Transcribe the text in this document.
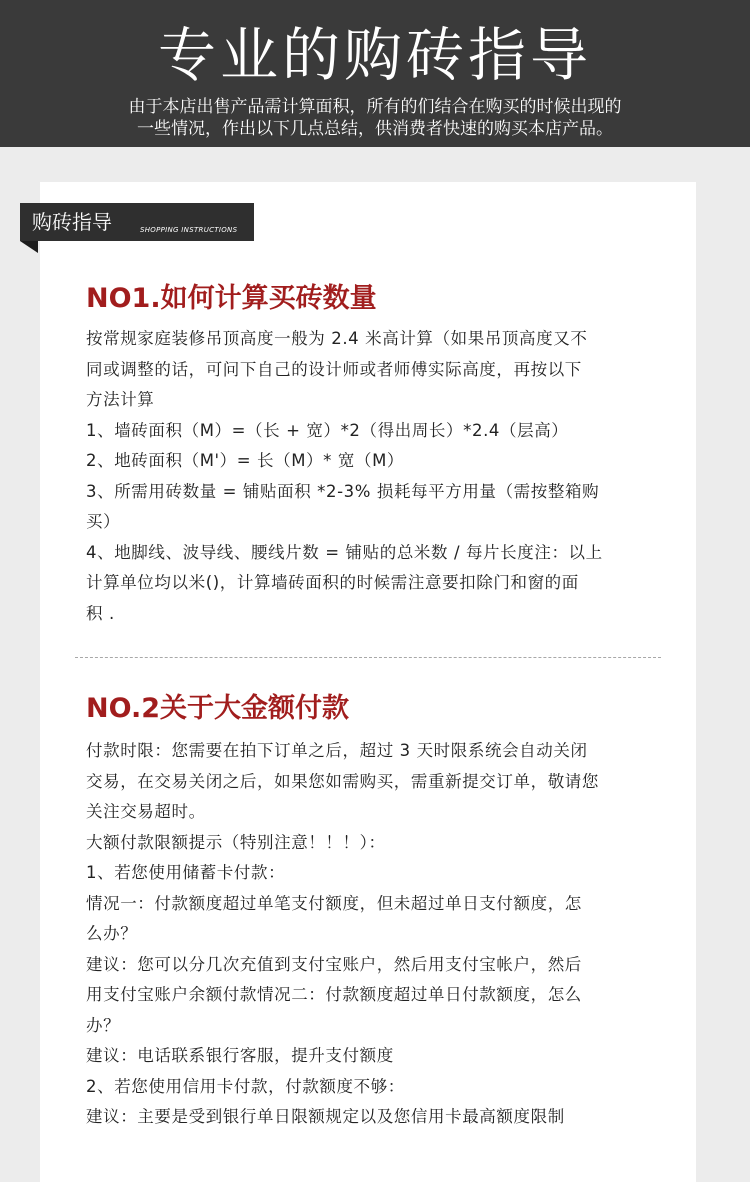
专业的购砖指导
由于本店出售产品需计算面积，所有的们结合在购买的时候出现的
一些情况，作出以下几点总结，供消费者快速的购买本店产品。
购砖指导	SHOPPING INSTRUCTIONS
NO1.如何计算买砖数量
按常规家庭装修吊顶高度一般为 2.4 米高计算（如果吊顶高度又不
同或调整的话，可问下自己的设计师或者师傅实际高度，再按以下
方法计算
1、墙砖面积（M）=（长 + 宽）*2（得出周长）*2.4（层高）
2、地砖面积（M'）= 长（M）* 宽（M）
3、所需用砖数量 = 铺贴面积 *2-3% 损耗每平方用量（需按整箱购
买）
4、地脚线、波导线、腰线片数 = 铺贴的总米数 / 每片长度注：以上
计算单位均以米()，计算墙砖面积的时候需注意要扣除门和窗的面
积 .
NO.2关于大金额付款
付款时限：您需要在拍下订单之后，超过 3 天时限系统会自动关闭
交易，在交易关闭之后，如果您如需购买，需重新提交订单，敬请您
关注交易超时。
大额付款限额提示（特别注意！！！）：
1、若您使用储蓄卡付款：
情况一：付款额度超过单笔支付额度，但未超过单日支付额度，怎
么办？
建议：您可以分几次充值到支付宝账户，然后用支付宝帐户，然后
用支付宝账户余额付款情况二：付款额度超过单日付款额度，怎么
办？
建议：电话联系银行客服，提升支付额度
2、若您使用信用卡付款，付款额度不够：
建议：主要是受到银行单日限额规定以及您信用卡最高额度限制
